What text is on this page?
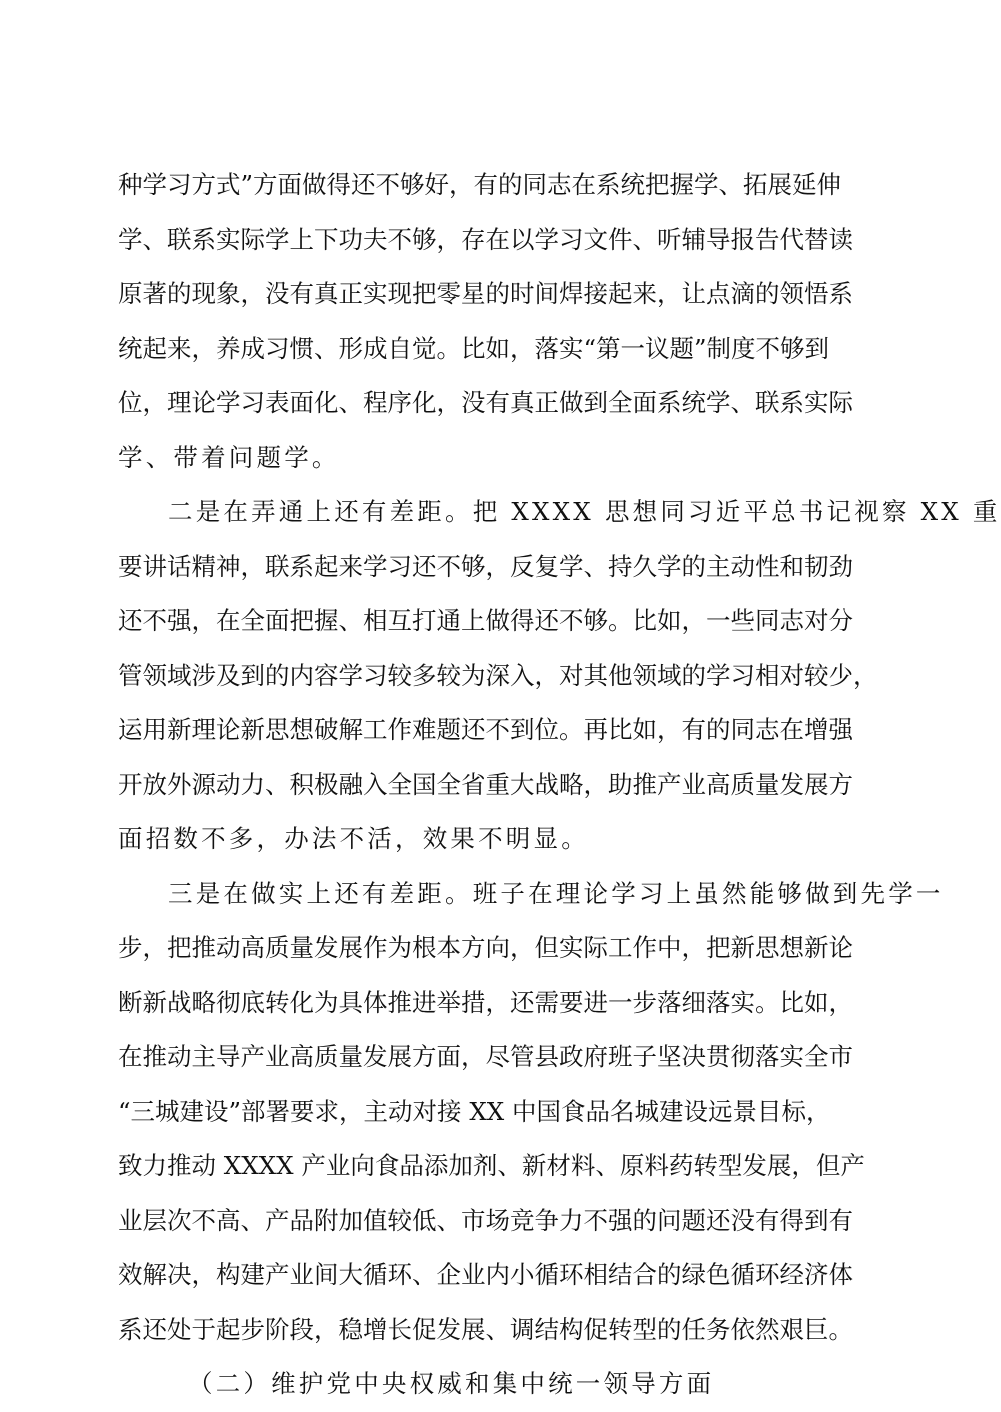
种学习方式”方面做得还不够好，有的同志在系统把握学、拓展延伸
学、联系实际学上下功夫不够，存在以学习文件、听辅导报告代替读
原著的现象，没有真正实现把零星的时间焊接起来，让点滴的领悟系
统起来，养成习惯、形成自觉。比如，落实“第一议题”制度不够到
位，理论学习表面化、程序化，没有真正做到全面系统学、联系实际
学、带着问题学。
二是在弄通上还有差距。把 XXXX 思想同习近平总书记视察 XX 重
要讲话精神，联系起来学习还不够，反复学、持久学的主动性和韧劲
还不强，在全面把握、相互打通上做得还不够。比如，一些同志对分
管领域涉及到的内容学习较多较为深入，对其他领域的学习相对较少，
运用新理论新思想破解工作难题还不到位。再比如，有的同志在增强
开放外源动力、积极融入全国全省重大战略，助推产业高质量发展方
面招数不多，办法不活，效果不明显。
三是在做实上还有差距。班子在理论学习上虽然能够做到先学一
步，把推动高质量发展作为根本方向，但实际工作中，把新思想新论
断新战略彻底转化为具体推进举措，还需要进一步落细落实。比如，
在推动主导产业高质量发展方面，尽管县政府班子坚决贯彻落实全市
“三城建设”部署要求，主动对接 XX 中国食品名城建设远景目标，
致力推动 XXXX 产业向食品添加剂、新材料、原料药转型发展，但产
业层次不高、产品附加值较低、市场竞争力不强的问题还没有得到有
效解决，构建产业间大循环、企业内小循环相结合的绿色循环经济体
系还处于起步阶段，稳增长促发展、调结构促转型的任务依然艰巨。
（二）维护党中央权威和集中统一领导方面
